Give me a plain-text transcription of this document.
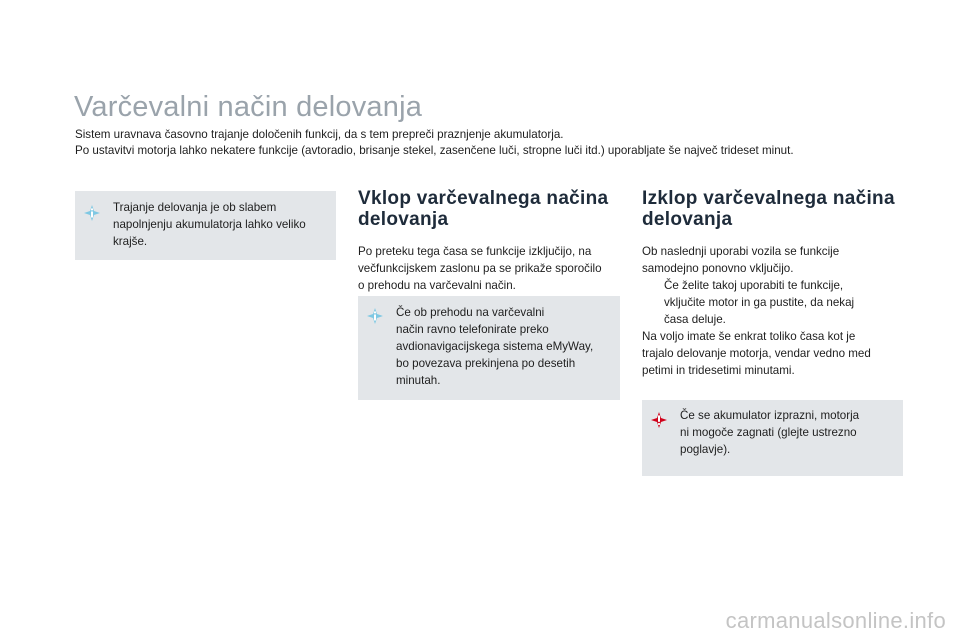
Varčevalni način delovanja
Sistem uravnava časovno trajanje določenih funkcij, da s tem prepreči praznjenje akumulatorja.
Po ustavitvi motorja lahko nekatere funkcije (avtoradio, brisanje stekel, zasenčene luči, stropne luči itd.) uporabljate še največ trideset minut.
Trajanje delovanja je ob slabem
napolnjenju akumulatorja lahko veliko
krajše.
Vklop varčevalnega načina
delovanja

Po preteku tega časa se funkcije izključijo, na
večfunkcijskem zaslonu pa se prikaže sporočilo
o prehodu na varčevalni način.

Če ob prehodu na varčevalni
način ravno telefonirate preko
avdionavigacijskega sistema eMyWay,
bo povezava prekinjena po desetih
minutah.
Izklop varčevalnega načina
delovanja

Ob naslednji uporabi vozila se funkcije
samodejno ponovno vključijo.

Če želite takoj uporabiti te funkcije,
vključite motor in ga pustite, da nekaj
časa deluje.

Na voljo imate še enkrat toliko časa kot je
trajalo delovanje motorja, vendar vedno med
petimi in tridesetimi minutami.

Če se akumulator izprazni, motorja
ni mogoče zagnati (glejte ustrezno
poglavje).
carmanualsonline.info
